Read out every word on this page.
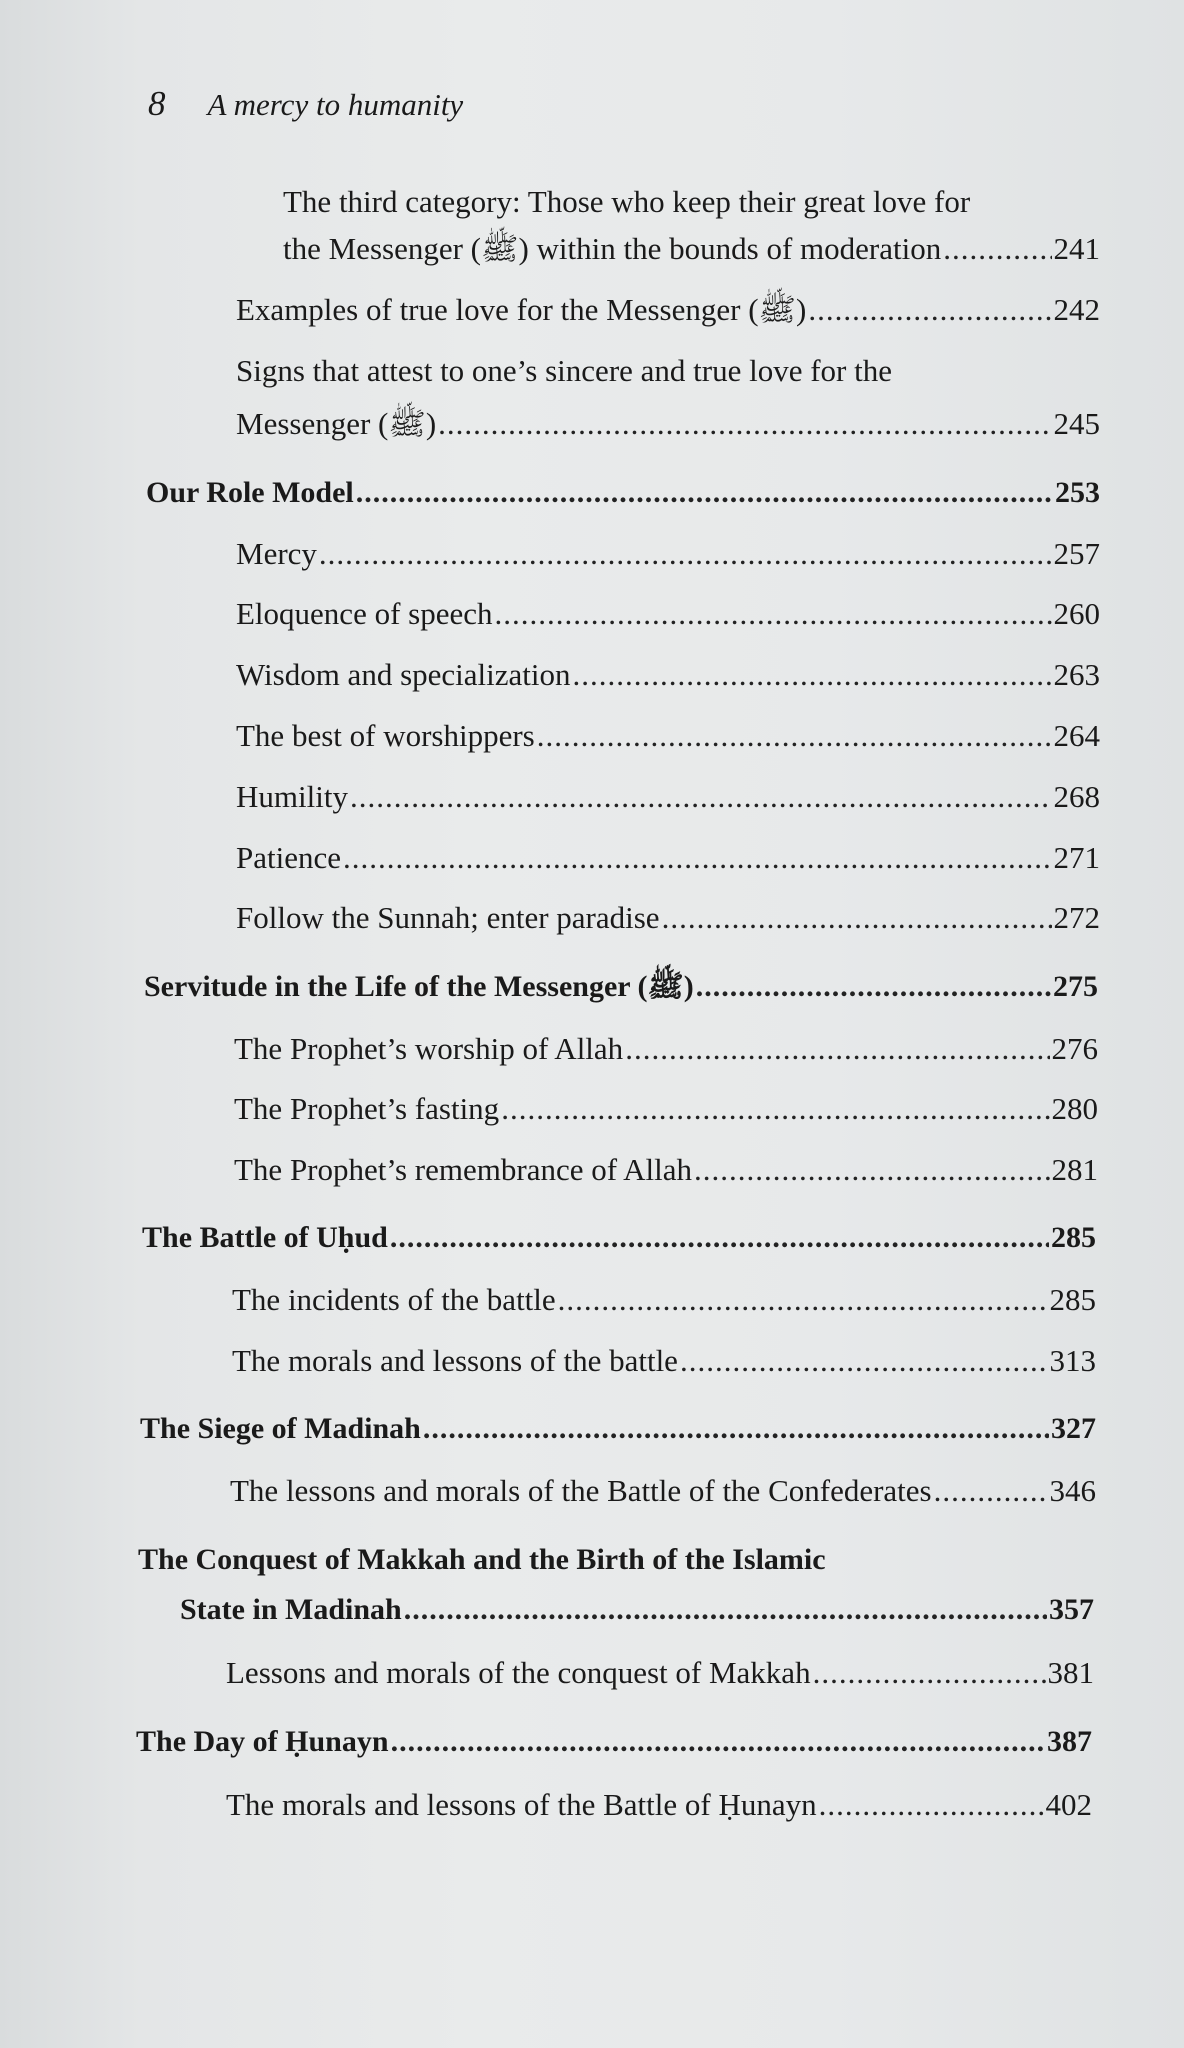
8 A mercy to humanity
The third category: Those who keep their great love for
the Messenger (ﷺ) within the bounds of moderation .....	241
Examples of true love for the Messenger (ﷺ) .....	242
Signs that attest to one’s sincere and true love for the
Messenger (ﷺ) .....	245
Our Role Model .....	253
Mercy .....	257
Eloquence of speech .....	260
Wisdom and specialization .....	263
The best of worshippers .....	264
Humility .....	268
Patience .....	271
Follow the Sunnah; enter paradise .....	272
Servitude in the Life of the Messenger (ﷺ) .....	275
The Prophet’s worship of Allah .....	276
The Prophet’s fasting .....	280
The Prophet’s remembrance of Allah .....	281
The Battle of Uḥud .....	285
The incidents of the battle .....	285
The morals and lessons of the battle .....	313
The Siege of Madinah .....	327
The lessons and morals of the Battle of the Confederates .....	346
The Conquest of Makkah and the Birth of the Islamic
State in Madinah .....	357
Lessons and morals of the conquest of Makkah .....	381
The Day of Ḥunayn .....	387
The morals and lessons of the Battle of Ḥunayn .....	402
